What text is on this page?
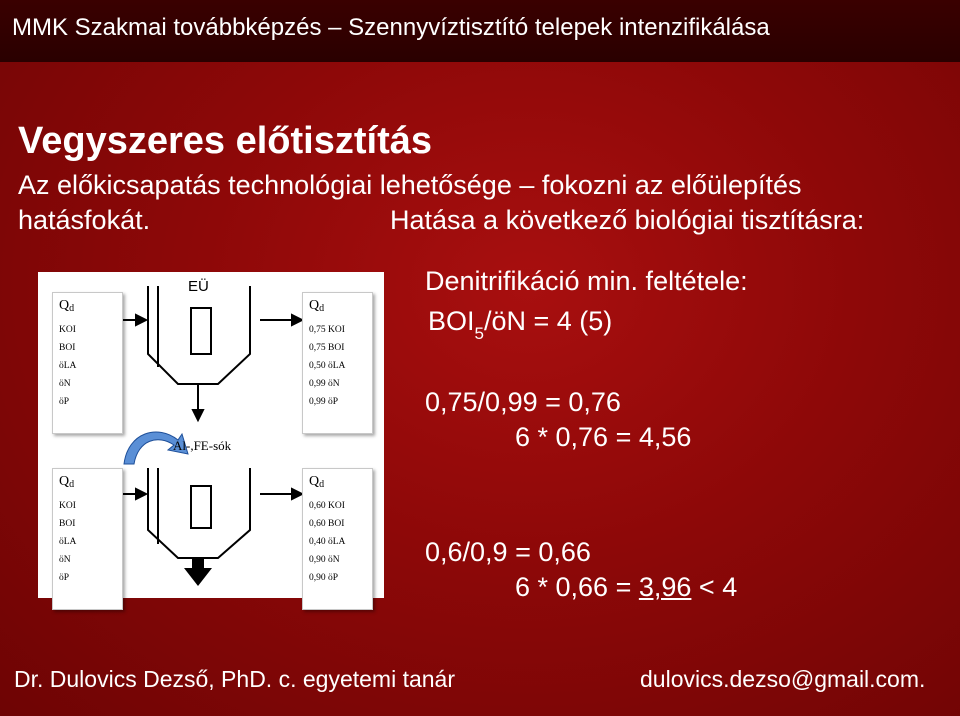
MMK Szakmai továbbképzés – Szennyvíztisztító telepek intenzifikálása
Vegyszeres előtisztítás
Az előkicsapatás technológiai lehetősége – fokozni az előülepítés
hatásfokát.	Hatása a következő biológiai tisztításra:
EÜ
Al-,FE-sók
$Q_d$
KOI
BOI
öLA
öN
öP
$Q_d$
0,75 KOI
0,75 BOI
0,50 öLA
0,99 öN
0,99 öP
$Q_d$
KOI
BOI
öLA
öN
öP
$Q_d$
0,60 KOI
0,60 BOI
0,40 öLA
0,90 öN
0,90 öP
Denitrifikáció min. feltétele:
$BOI_5/öN = 4$ (5)
0,75/0,99 = 0,76
6 * 0,76 = 4,56
0,6/0,9 = 0,66
6 * 0,66 = 3,96 < 4
Dr. Dulovics Dezső, PhD. c. egyetemi tanár	dulovics.dezso@gmail.com.
